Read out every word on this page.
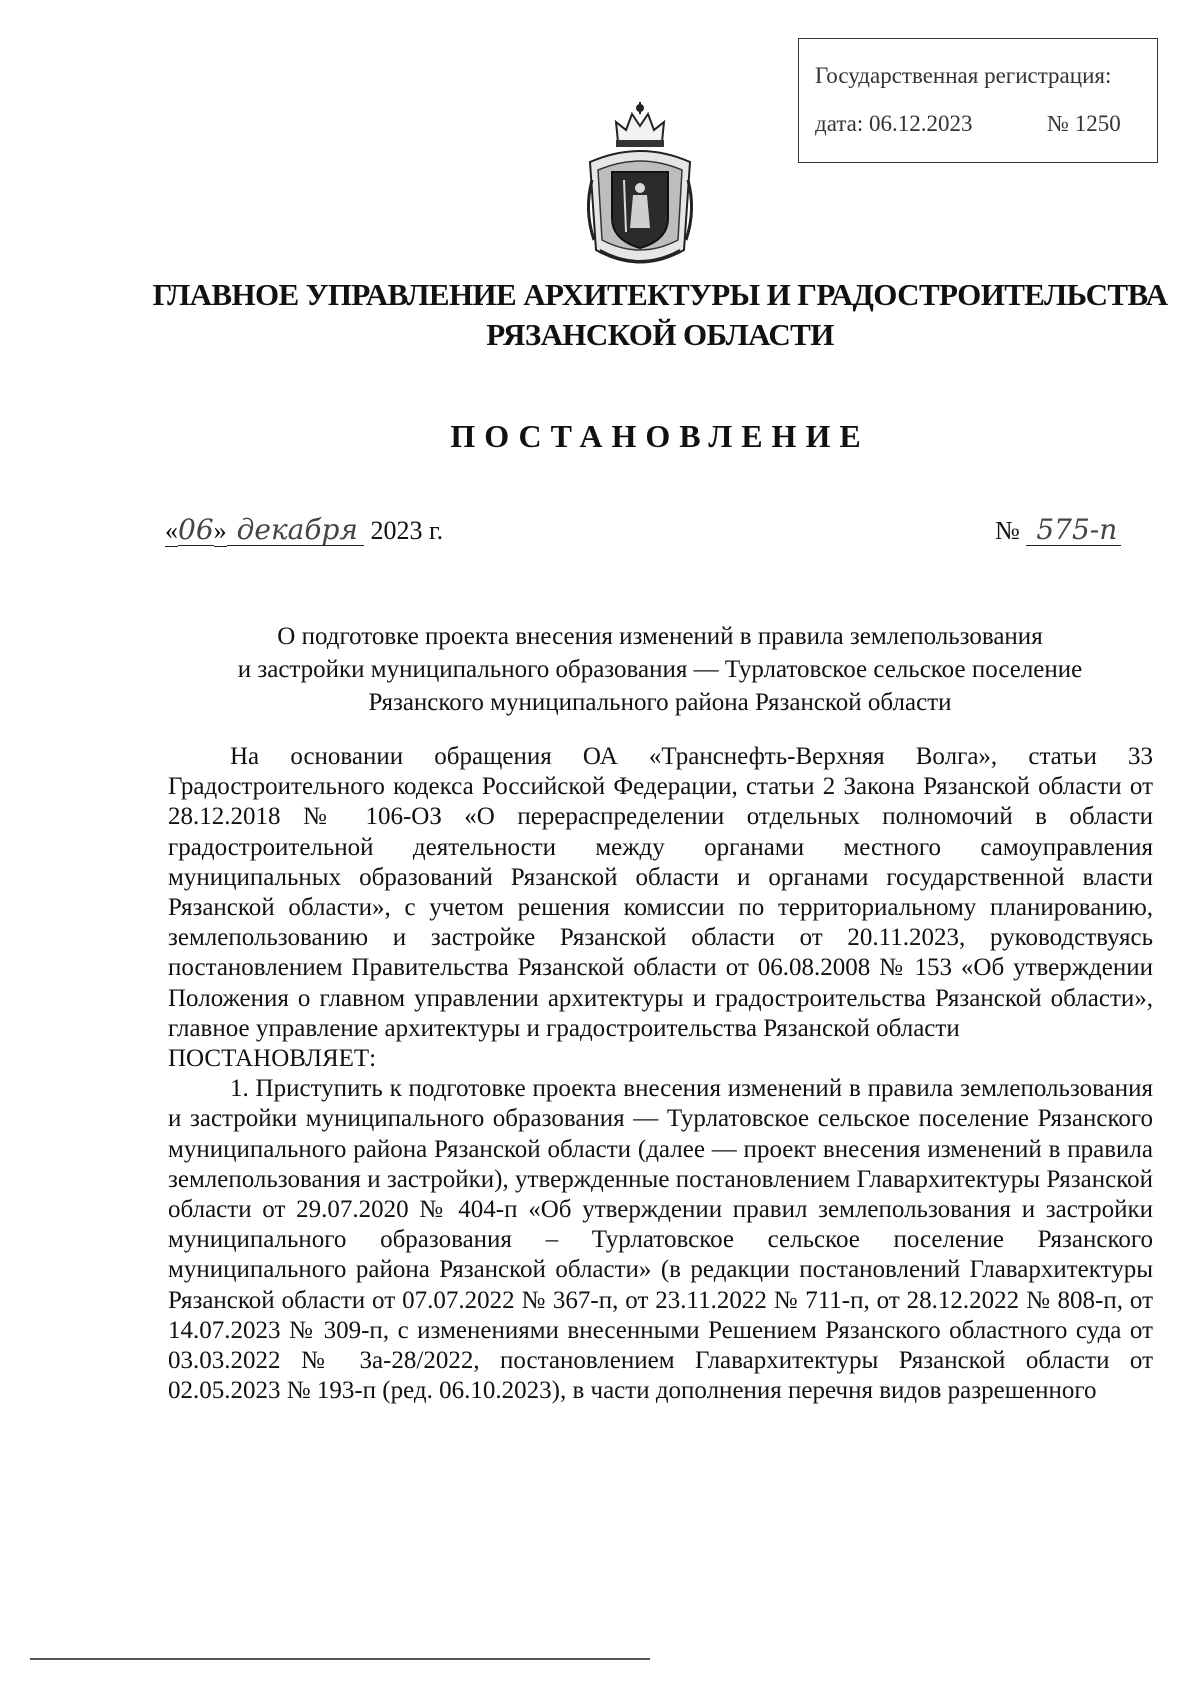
Государственная регистрация:
дата: 06.12.2023	№ 1250
ГЛАВНОЕ УПРАВЛЕНИЕ АРХИТЕКТУРЫ И ГРАДОСТРОИТЕЛЬСТВА
РЯЗАНСКОЙ ОБЛАСТИ
ПОСТАНОВЛЕНИЕ
«06» декабря 2023 г.	№ 575-п
О подготовке проекта внесения изменений в правила землепользования
и застройки муниципального образования — Турлатовское сельское поселение
Рязанского муниципального района Рязанской области

На основании обращения ОА «Транснефть-Верхняя Волга», статьи 33 Градостроительного кодекса Российской Федерации, статьи 2 Закона Рязанской области от 28.12.2018 № 106-ОЗ «О перераспределении отдельных полномочий в области градостроительной деятельности между органами местного самоуправления муниципальных образований Рязанской области и органами государственной власти Рязанской области», с учетом решения комиссии по территориальному планированию, землепользованию и застройке Рязанской области от 20.11.2023, руководствуясь постановлением Правительства Рязанской области от 06.08.2008 № 153 «Об утверждении Положения о главном управлении архитектуры и градостроительства Рязанской области», главное управление архитектуры и градостроительства Рязанской области

ПОСТАНОВЛЯЕТ:

1. Приступить к подготовке проекта внесения изменений в правила землепользования и застройки муниципального образования — Турлатовское сельское поселение Рязанского муниципального района Рязанской области (далее — проект внесения изменений в правила землепользования и застройки), утвержденные постановлением Главархитектуры Рязанской области от 29.07.2020 № 404-п «Об утверждении правил землепользования и застройки муниципального образования – Турлатовское сельское поселение Рязанского муниципального района Рязанской области» (в редакции постановлений Главархитектуры Рязанской области от 07.07.2022 № 367-п, от 23.11.2022 № 711-п, от 28.12.2022 № 808-п, от 14.07.2023 № 309-п, с изменениями внесенными Решением Рязанского областного суда от 03.03.2022 № 3а-28/2022, постановлением Главархитектуры Рязанской области от 02.05.2023 № 193-п (ред. 06.10.2023), в части дополнения перечня видов разрешенного
